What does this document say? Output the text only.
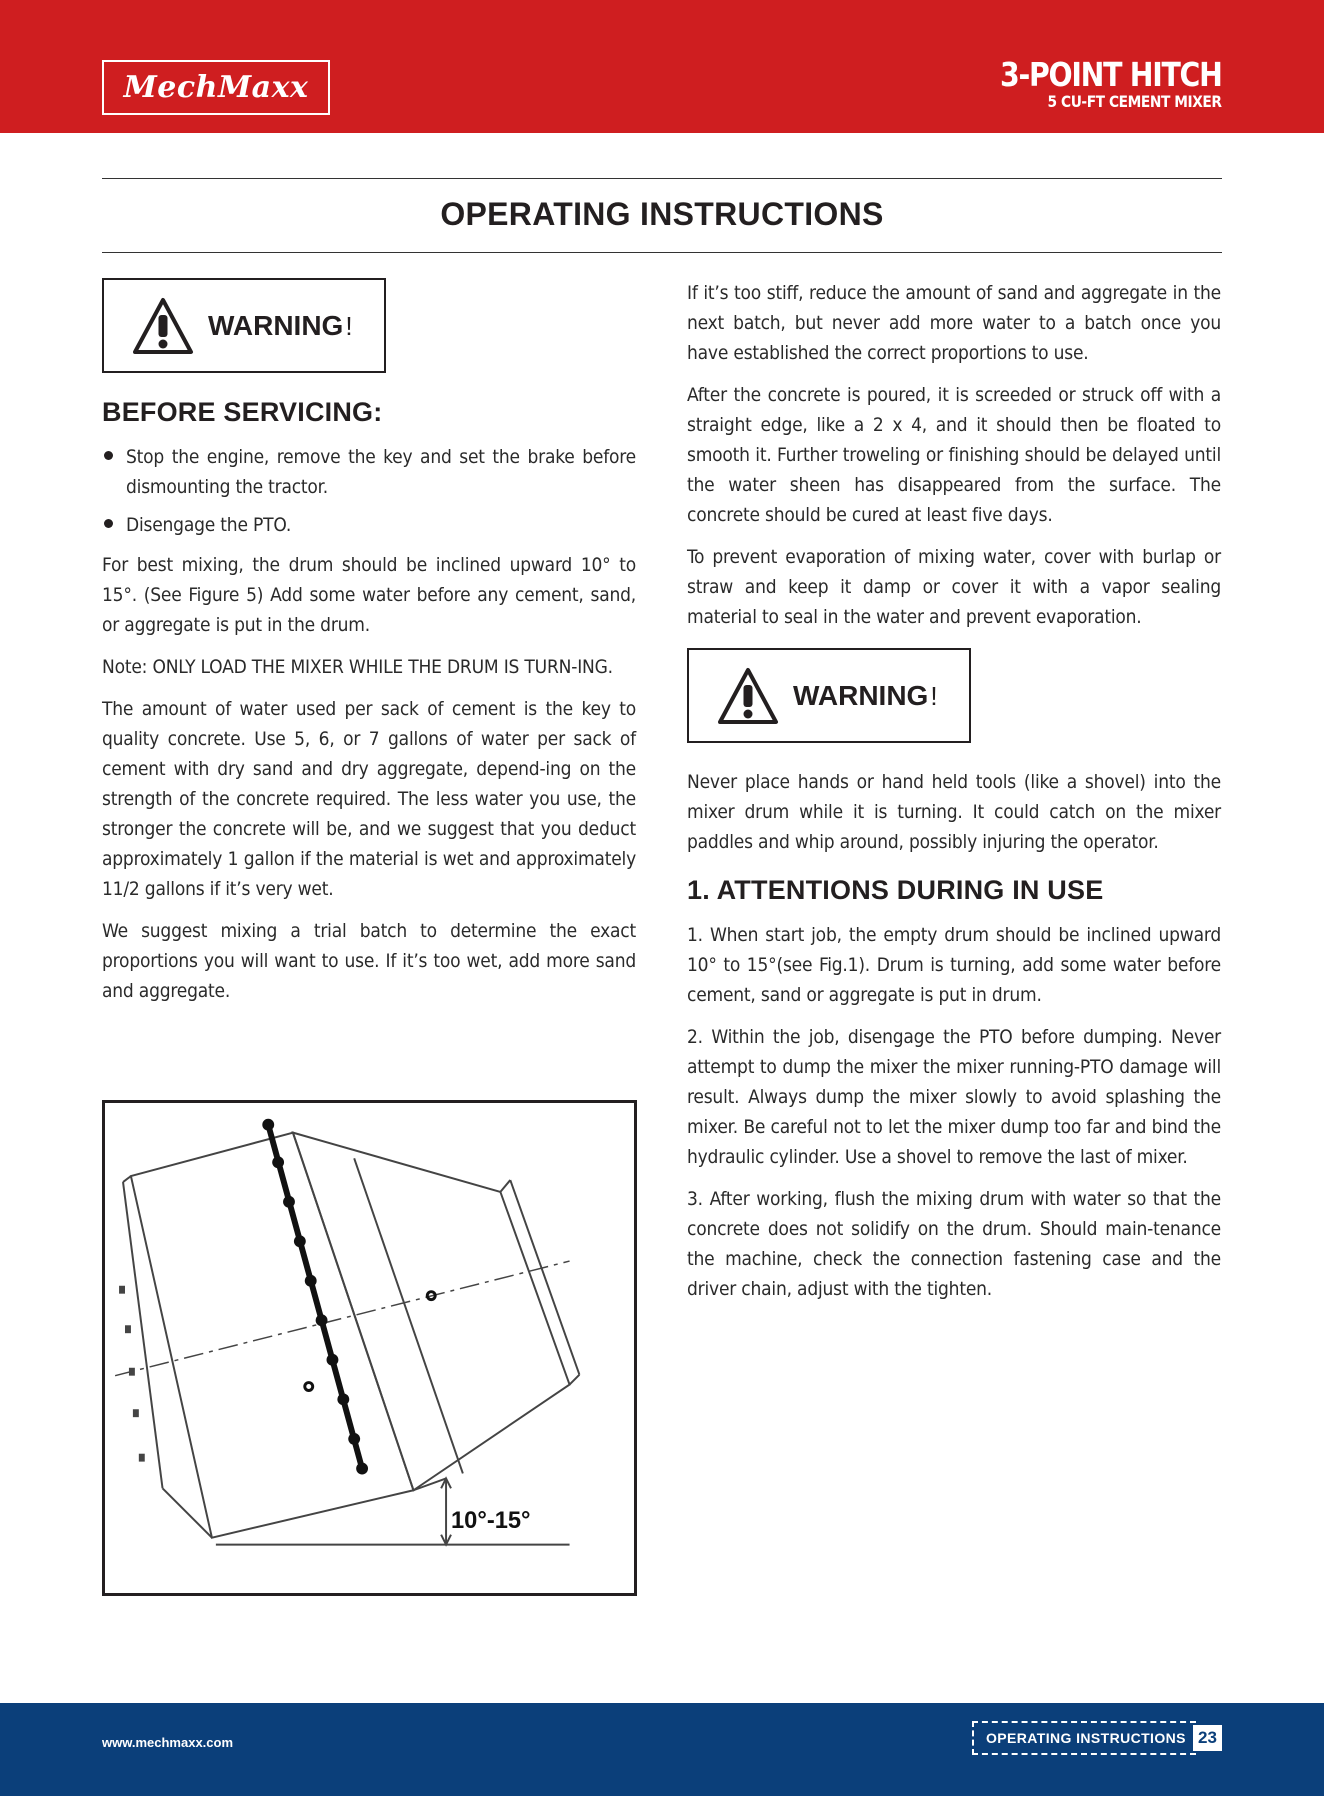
MechMaxx	3-POINT HITCH
5 CU-FT CEMENT MIXER
OPERATING INSTRUCTIONS
WARNING!
BEFORE SERVICING:
Stop the engine, remove the key and set the brake before dismounting the tractor.
Disengage the PTO.

For best mixing, the drum should be inclined upward 10° to 15°. (See Figure 5) Add some water before any cement, sand, or aggregate is put in the drum.

Note: ONLY LOAD THE MIXER WHILE THE DRUM IS TURN-ING.

The amount of water used per sack of cement is the key to quality concrete. Use 5, 6, or 7 gallons of water per sack of cement with dry sand and dry aggregate, depend-ing on the strength of the concrete required. The less water you use, the stronger the concrete will be, and we suggest that you deduct approximately 1 gallon if the material is wet and approximately 11/2 gallons if it’s very wet.

We suggest mixing a trial batch to determine the exact proportions you will want to use. If it’s too wet, add more sand and aggregate.

10°-15°

If it’s too stiff, reduce the amount of sand and aggregate in the next batch, but never add more water to a batch once you have established the correct proportions to use.

After the concrete is poured, it is screeded or struck off with a straight edge, like a 2 x 4, and it should then be floated to smooth it. Further troweling or finishing should be delayed until the water sheen has disappeared from the surface. The concrete should be cured at least five days.

To prevent evaporation of mixing water, cover with burlap or straw and keep it damp or cover it with a vapor sealing material to seal in the water and prevent evaporation.

WARNING!

Never place hands or hand held tools (like a shovel) into the mixer drum while it is turning. It could catch on the mixer paddles and whip around, possibly injuring the operator.

1. ATTENTIONS DURING IN USE

1. When start job, the empty drum should be inclined upward 10° to 15°(see Fig.1). Drum is turning, add some water before cement, sand or aggregate is put in drum.

2. Within the job, disengage the PTO before dumping. Never attempt to dump the mixer the mixer running-PTO damage will result. Always dump the mixer slowly to avoid splashing the mixer. Be careful not to let the mixer dump too far and bind the hydraulic cylinder. Use a shovel to remove the last of mixer.

3. After working, flush the mixing drum with water so that the concrete does not solidify on the drum. Should main-tenance the machine, check the connection fastening case and the driver chain, adjust with the tighten.

www.mechmaxx.com	OPERATING INSTRUCTIONS 23
